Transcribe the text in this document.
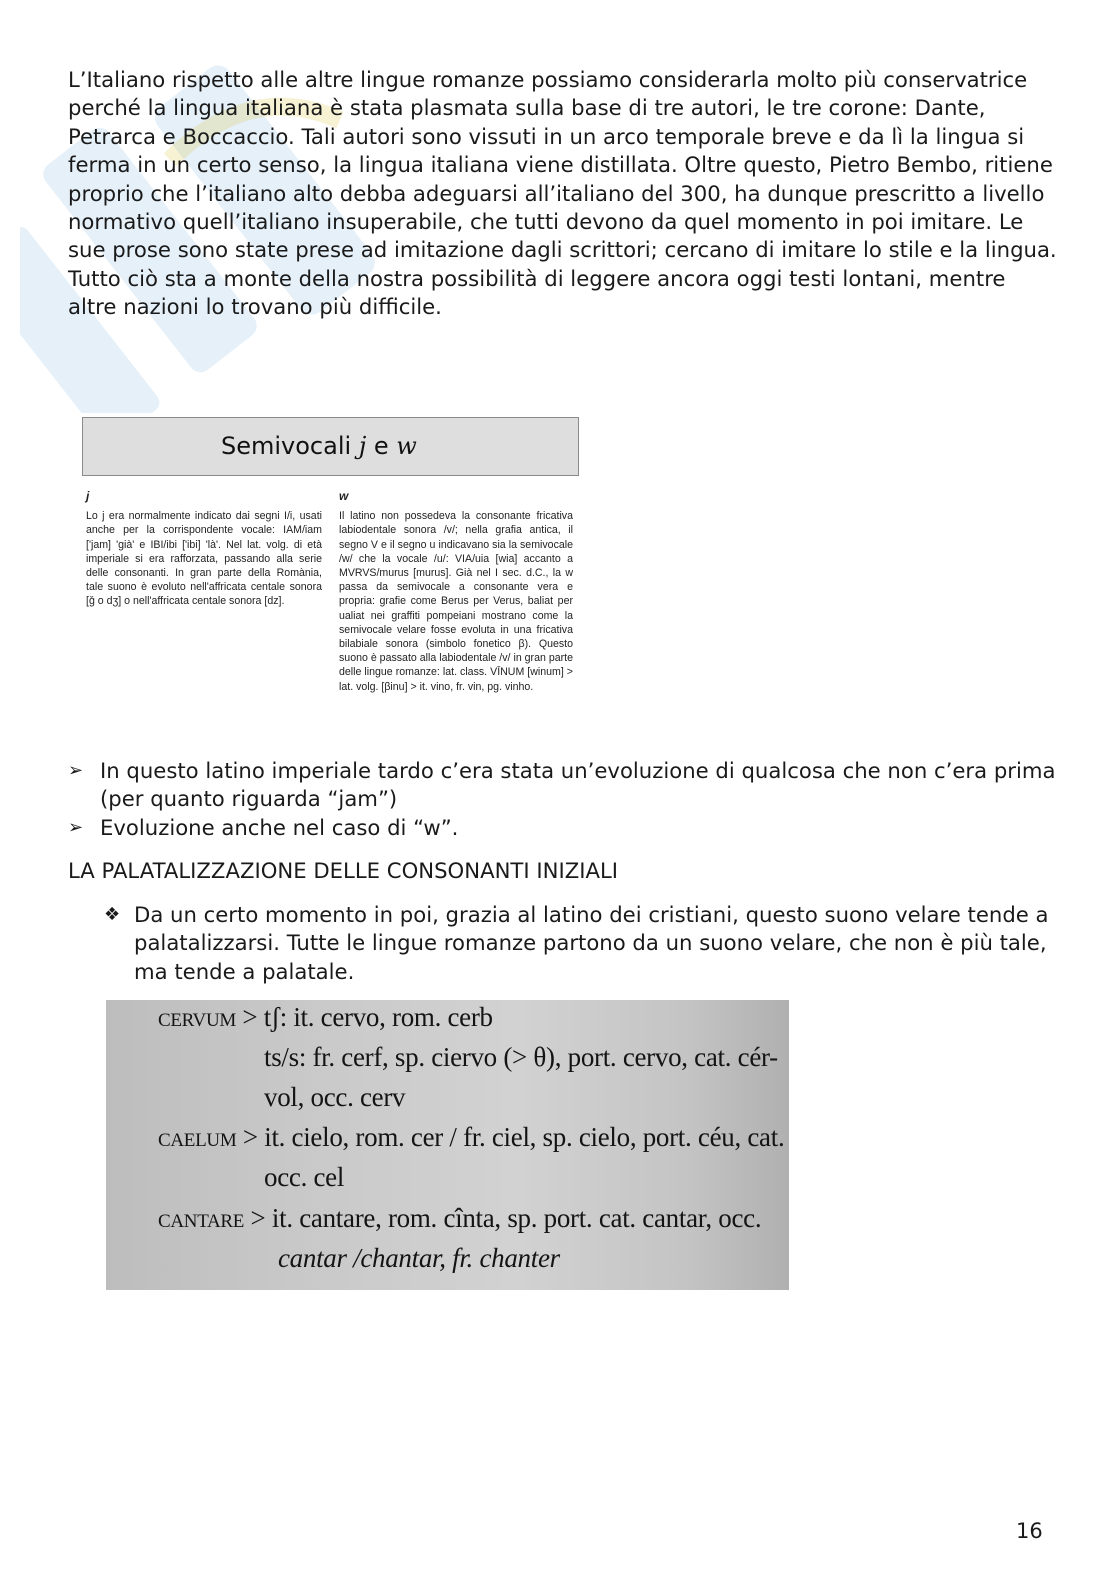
L’Italiano rispetto alle altre lingue romanze possiamo considerarla molto più conservatrice perché la lingua italiana è stata plasmata sulla base di tre autori, le tre corone: Dante, Petrarca e Boccaccio. Tali autori sono vissuti in un arco temporale breve e da lì la lingua si ferma in un certo senso, la lingua italiana viene distillata. Oltre questo, Pietro Bembo, ritiene proprio che l’italiano alto debba adeguarsi all’italiano del 300, ha dunque prescritto a livello normativo quell’italiano insuperabile, che tutti devono da quel momento in poi imitare. Le sue prose sono state prese ad imitazione dagli scrittori; cercano di imitare lo stile e la lingua. Tutto ciò sta a monte della nostra possibilità di leggere ancora oggi testi lontani, mentre altre nazioni lo trovano più difficile.

Semivocali j e w
j
Lo j era normalmente indicato dai segni I/i, usati anche per la corrispondente vocale: IAM/iam ['jam] 'già' e IBI/ibi ['ibi] 'là'. Nel lat. volg. di età imperiale si era rafforzata, passando alla serie delle consonanti. In gran parte della Romània, tale suono è evoluto nell'affricata centale sonora [ǧ o dʒ] o nell'affricata centale sonora [dz].
w
Il latino non possedeva la consonante fricativa labiodentale sonora /v/; nella grafia antica, il segno V e il segno u indicavano sia la semivocale /w/ che la vocale /u/: VIA/uia [wia] accanto a MVRVS/murus [murus]. Già nel I sec. d.C., la w passa da semivocale a consonante vera e propria: grafie come Berus per Verus, baliat per ualiat nei graffiti pompeiani mostrano come la semivocale velare fosse evoluta in una fricativa bilabiale sonora (simbolo fonetico β). Questo suono è passato alla labiodentale /v/ in gran parte delle lingue romanze: lat. class. VĪNUM [winum] > lat. volg. [βinu] > it. vino, fr. vin, pg. vinho.
➢ In questo latino imperiale tardo c’era stata un’evoluzione di qualcosa che non c’era prima (per quanto riguarda “jam”)
➢ Evoluzione anche nel caso di “w”.
LA PALATALIZZAZIONE DELLE CONSONANTI INIZIALI
❖ Da un certo momento in poi, grazia al latino dei cristiani, questo suono velare tende a palatalizzarsi. Tutte le lingue romanze partono da un suono velare, che non è più tale, ma tende a palatale.
cervum > tʃ: it. cervo, rom. cerb
ts/s: fr. cerf, sp. ciervo (> θ), port. cervo, cat. cér-
vol, occ. cerv
caelum > it. cielo, rom. cer / fr. ciel, sp. cielo, port. céu, cat.
occ. cel
cantare > it. cantare, rom. cînta, sp. port. cat. cantar, occ.
cantar /chantar, fr. chanter
16
